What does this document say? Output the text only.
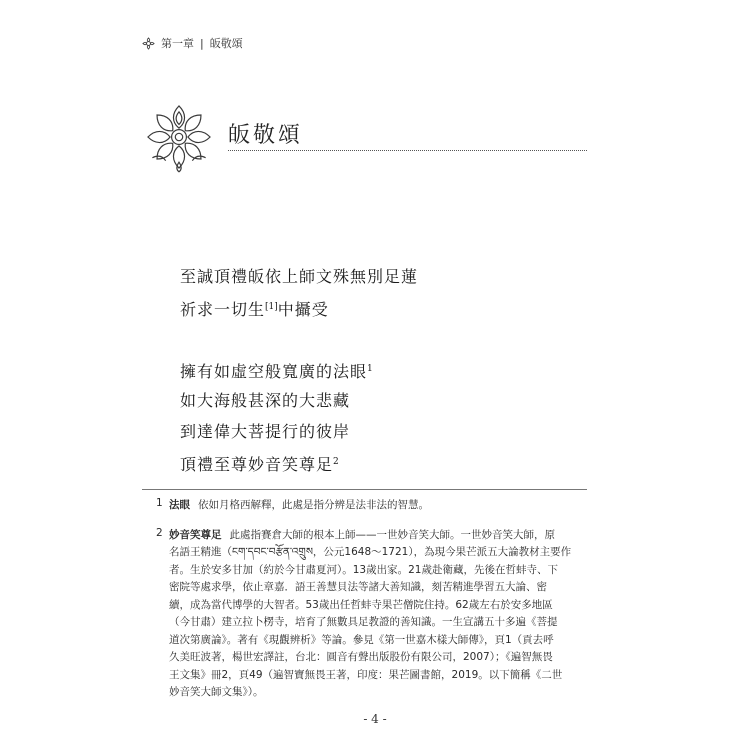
第一章 | 皈敬頌
皈敬頌
至誠頂禮皈依上師文殊無別足蓮
祈求一切生[1]中攝受
擁有如虛空般寬廣的法眼$^1$
如大海般甚深的大悲藏
到達偉大菩提行的彼岸
頂禮至尊妙音笑尊足$^2$
1 法眼 依如月格西解釋，此處是指分辨是法非法的智慧。
2 妙音笑尊足 此處指賽倉大師的根本上師——一世妙音笑大師。一世妙音笑大師，原
名語王精進（ངག་དབང་བརྩོན་འགྲུས，公元1648～1721），為現今果芒派五大論教材主要作
者。生於安多甘加（約於今甘肅夏河）。13歲出家。21歲赴衛藏，先後在哲蚌寺、下
密院等處求學，依止章嘉．語王善慧貝法等諸大善知識，刻苦精進學習五大論、密
續，成為當代博學的大智者。53歲出任哲蚌寺果芒僧院住持。62歲左右於安多地區
（今甘肅）建立拉卜楞寺，培育了無數具足教證的善知識。一生宣講五十多遍《菩提
道次第廣論》。著有《現觀辨析》等論。參見《第一世嘉木樣大師傳》，頁1（貢去呼
久美旺波著，楊世宏譯註，台北：圓音有聲出版股份有限公司，2007）；《遍智無畏
王文集》冊2，頁49（遍智寶無畏王著，印度：果芒圖書館，2019。以下簡稱《二世
妙音笑大師文集》）。
- 4 -
